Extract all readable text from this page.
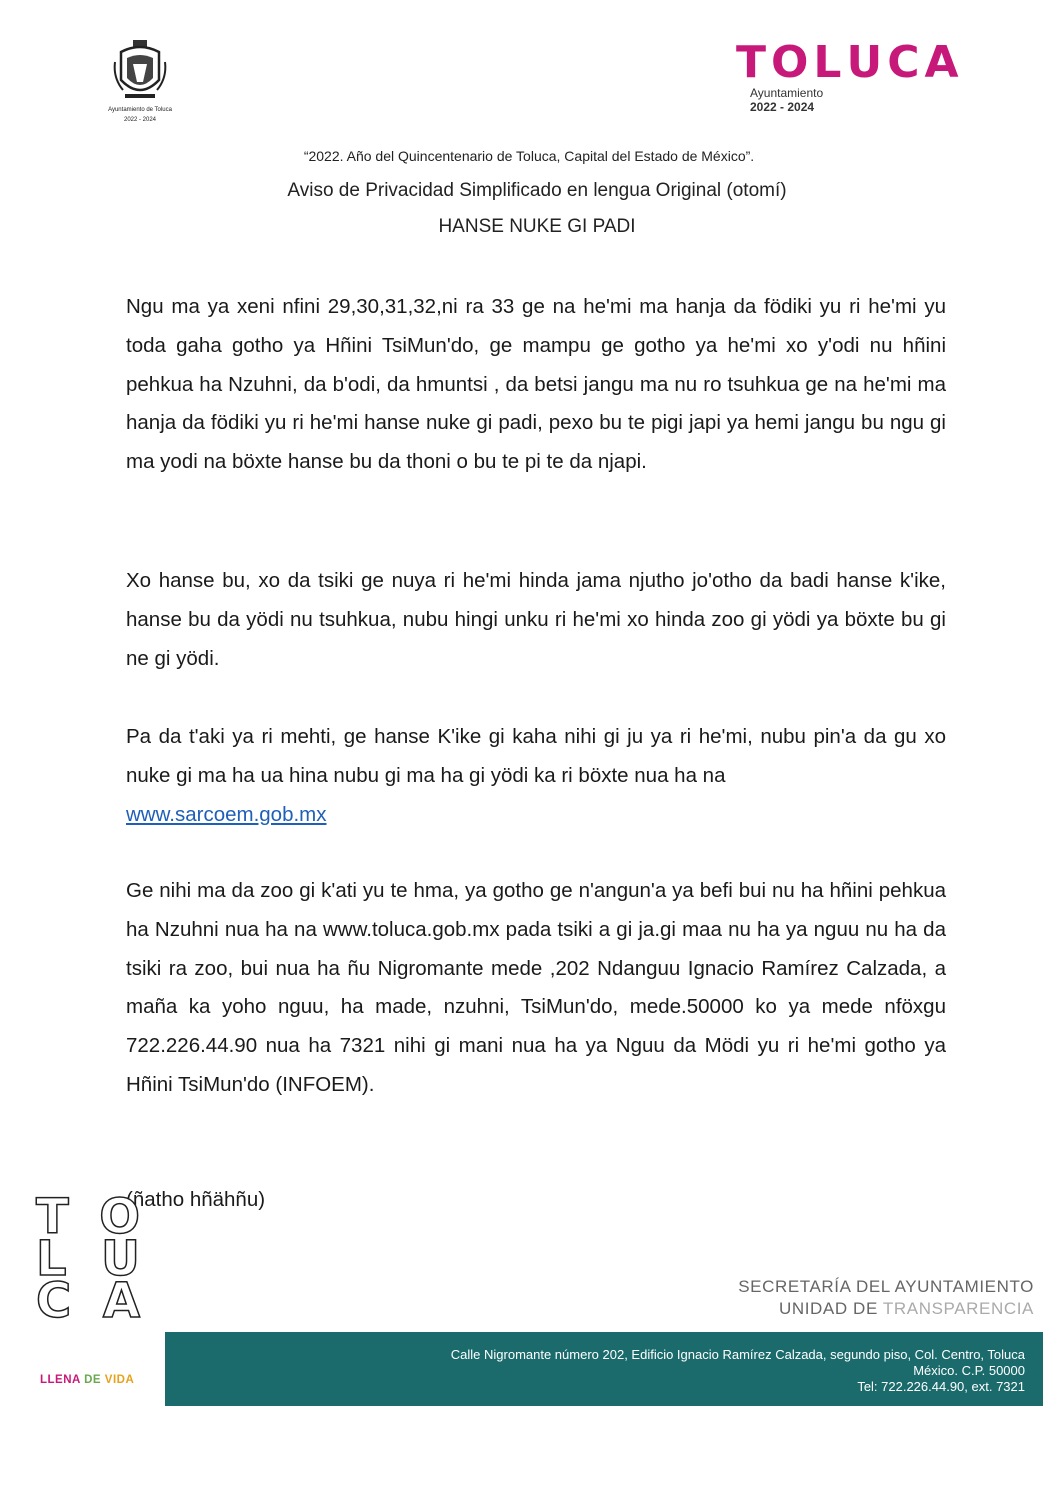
Ayuntamiento de Toluca
2022 - 2024
T O L U C A
Ayuntamiento
2022 - 2024
“2022. Año del Quincentenario de Toluca, Capital del Estado de México”.
Aviso de Privacidad Simplificado en lengua Original (otomí)
HANSE NUKE GI PADI

Ngu ma ya xeni nfini 29,30,31,32,ni ra 33 ge na he'mi ma hanja da födiki yu ri he'mi yu toda gaha gotho ya Hñini TsiMun'do, ge mampu ge gotho ya he'mi xo y'odi nu hñini pehkua ha Nzuhni, da b'odi, da hmuntsi , da betsi jangu ma nu ro tsuhkua ge na he'mi ma hanja da födiki yu ri he'mi hanse nuke gi padi, pexo bu te pigi japi ya hemi jangu bu ngu gi ma yodi na böxte hanse bu da thoni o bu te pi te da njapi.

Xo hanse bu, xo da tsiki ge nuya ri he'mi hinda jama njutho jo'otho da badi hanse k'ike, hanse bu da yödi nu tsuhkua, nubu hingi unku ri he'mi xo hinda zoo gi yödi ya böxte bu gi ne gi yödi.

Pa da t'aki ya ri mehti, ge hanse K'ike gi kaha nihi gi ju ya ri he'mi, nubu pin'a da gu xo nuke gi ma ha ua hina nubu gi ma ha gi yödi ka ri böxte nua ha na
www.sarcoem.gob.mx

Ge nihi ma da zoo gi k'ati yu te hma, ya gotho ge n'angun'a ya befi bui nu ha hñini pehkua ha Nzuhni nua ha na www.toluca.gob.mx pada tsiki a gi ja.gi maa nu ha ya nguu nu ha da tsiki ra zoo, bui nua ha ñu Nigromante mede ,202 Ndanguu Ignacio Ramírez Calzada, a maña ka yoho nguu, ha made, nzuhni, TsiMun'do, mede.50000 ko ya mede nföxgu 722.226.44.90 nua ha 7321 nihi gi mani nua ha ya Nguu da Mödi yu ri he'mi gotho ya Hñini TsiMun'do (INFOEM).

(ñatho hñähñu)
T O
L U
C A
LLENA DE VIDA
SECRETARÍA DEL AYUNTAMIENTO
UNIDAD DE TRANSPARENCIA
Calle Nigromante número 202, Edificio Ignacio Ramírez Calzada, segundo piso, Col. Centro, Toluca
México. C.P. 50000
Tel: 722.226.44.90, ext. 7321
